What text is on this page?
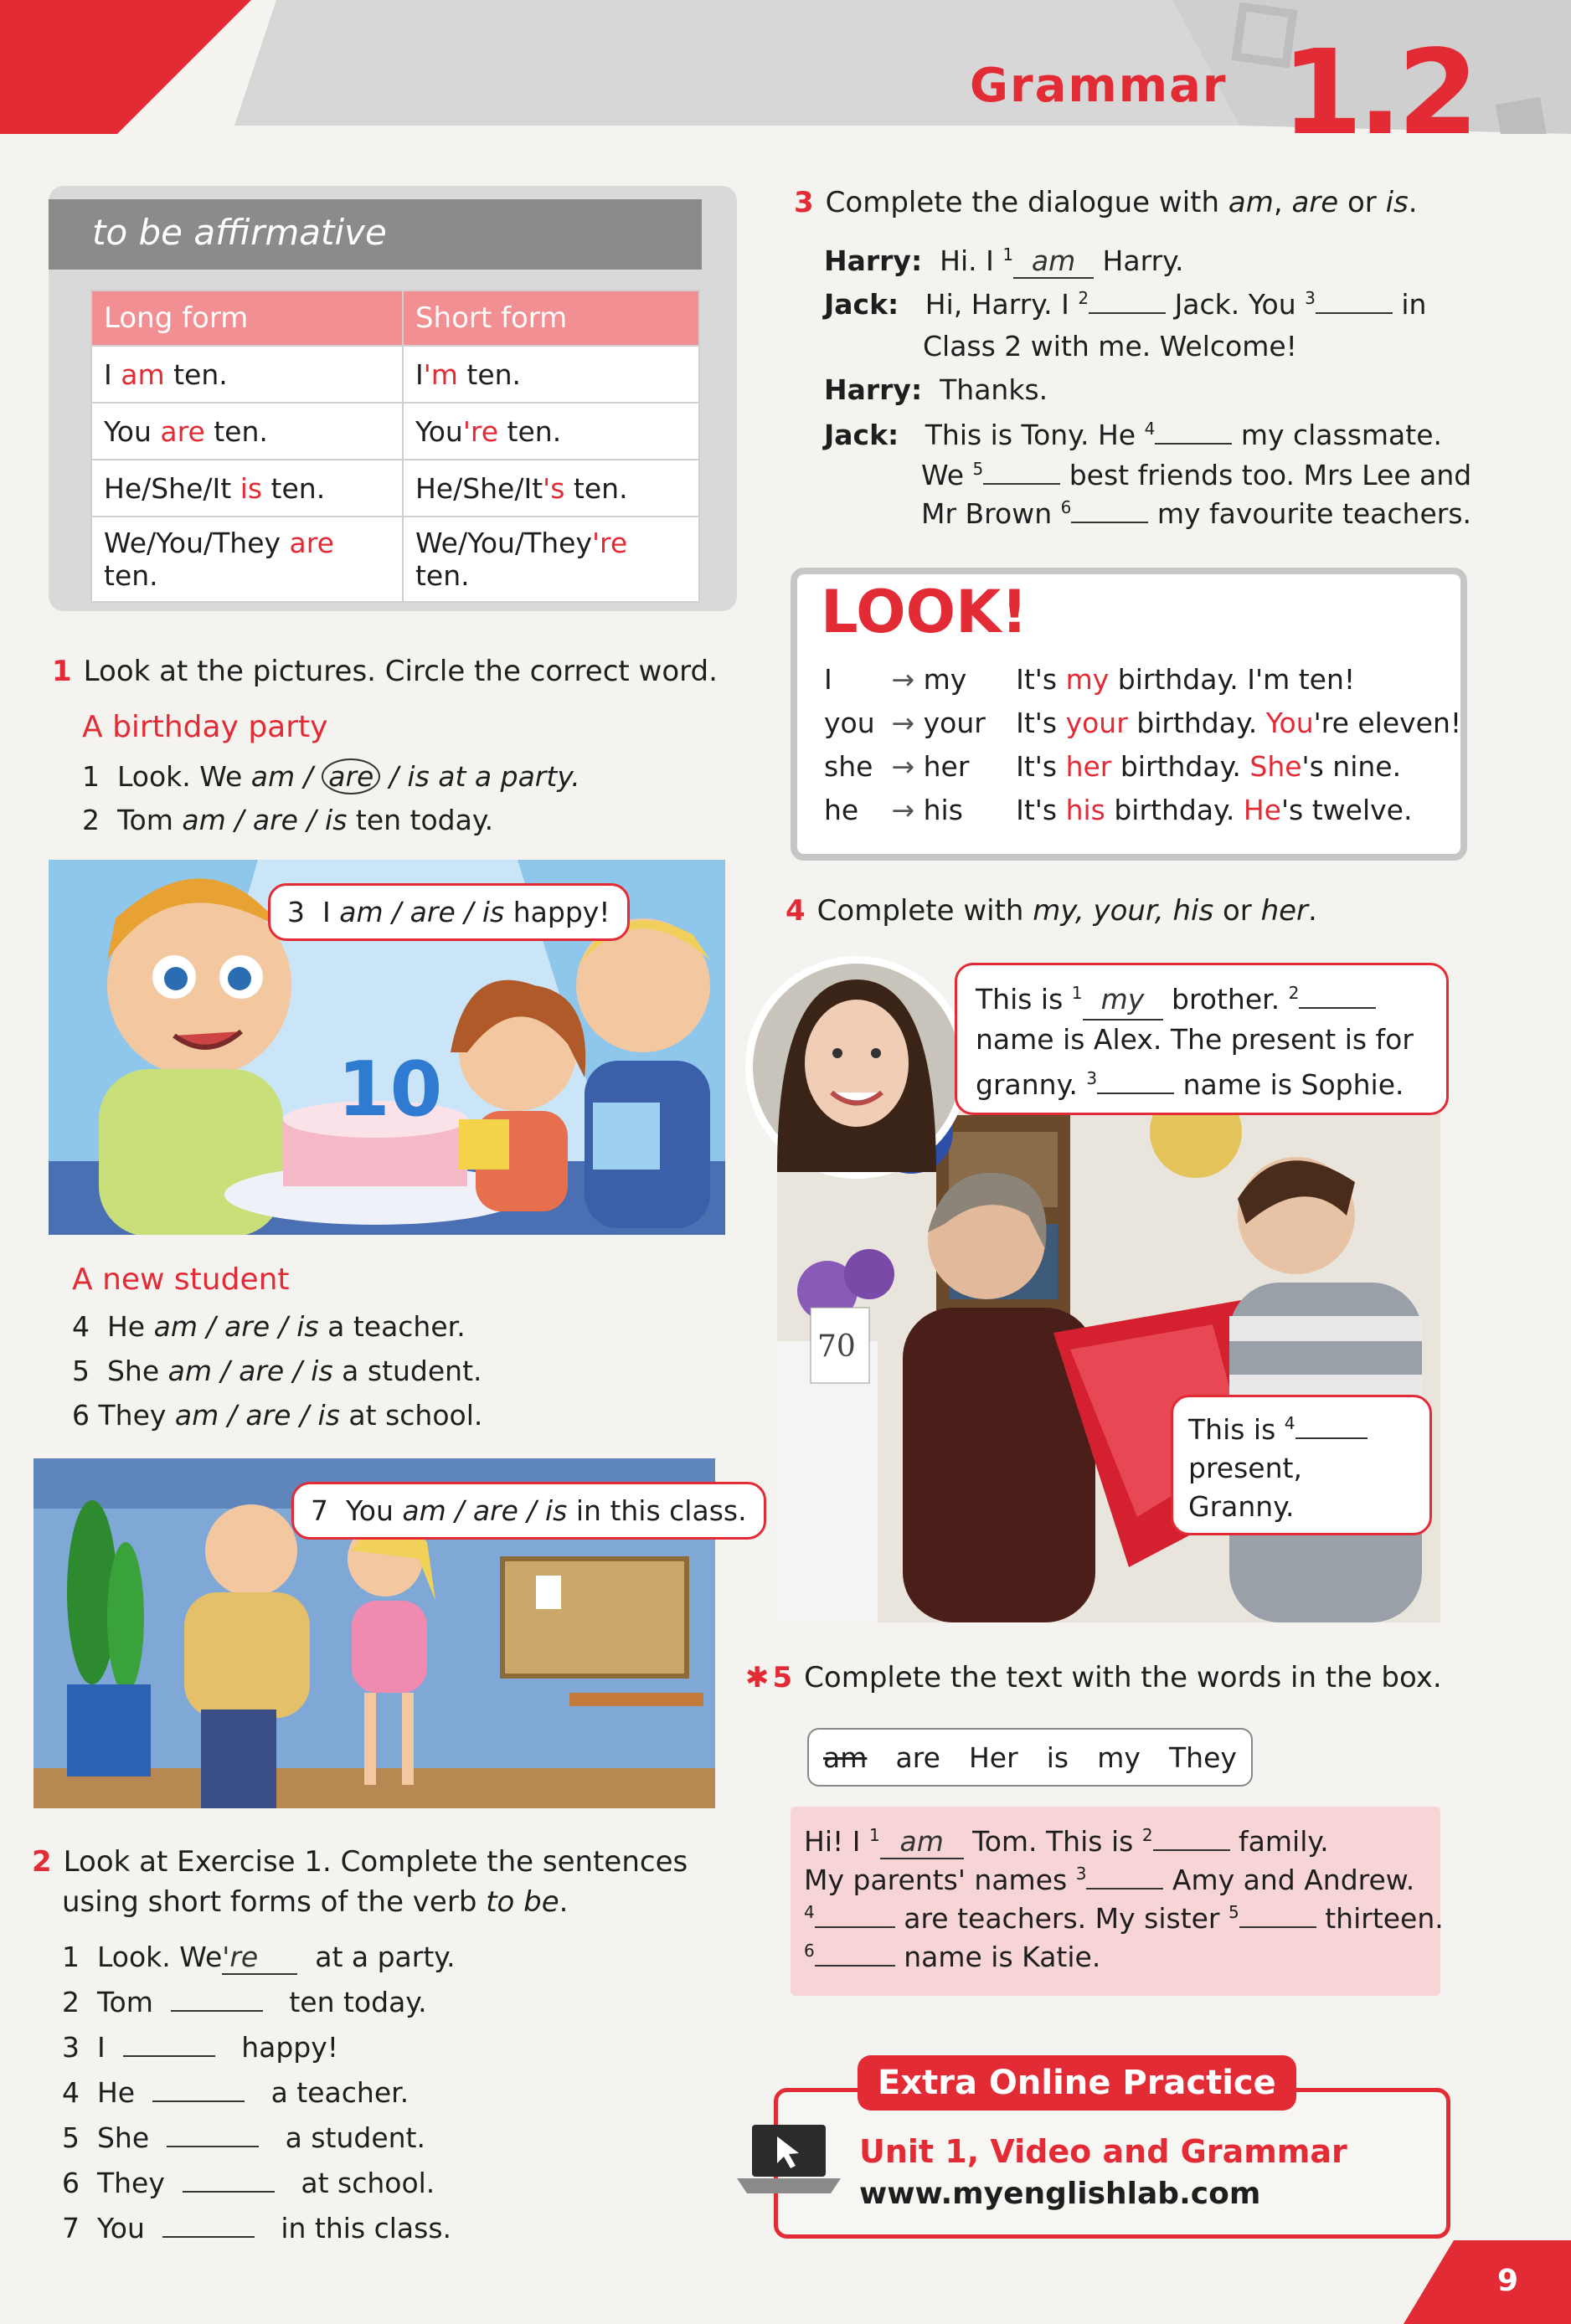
Grammar 1.2
to be affirmative
Long form	Short form
I am ten.	I'm ten.
You are ten.	You're ten.
He/She/It is ten.	He/She/It's ten.
We/You/They are ten.	We/You/They're ten.
1 Look at the pictures. Circle the correct word.
A birthday party
1 Look. We am / are / is at a party.
2 Tom am / are / is ten today.
10
3 I am / are / is happy!
A new student
4 He am / are / is a teacher.
5 She am / are / is a student.
6 They am / are / is at school.
7 You am / are / is in this class.
2 Look at Exercise 1. Complete the sentences
using short forms of the verb to be.
1 Look. We're at a party.
2 Tom	ten today.
3 I	happy!
4 He	a teacher.
5 She	a student.
6 They	at school.
7 You	in this class.
3 Complete the dialogue with am, are or is.
Harry: Hi. I $^1$ am Harry.
Jack: Hi, Harry. I $^2$	Jack. You $^3$	in
Class 2 with me. Welcome!
Harry: Thanks.
Jack: This is Tony. He $^4$	my classmate.
We $^5$	best friends too. Mrs Lee and
Mr Brown $^6$	my favourite teachers.
LOOK!
I → my It's my birthday. I'm ten!
you → your It's your birthday. You're eleven!
she → her It's her birthday. She's nine.
he → his It's his birthday. He's twelve.
4 Complete with my, your, his or her.
70
This is $^1$ my brother. $^2$
name is Alex. The present is for
granny. $^3$	name is Sophie.
This is $^4$
present, Granny.
✱ 5 Complete the text with the words in the box.
am are Her is my They
Hi! I $^1$ am Tom. This is $^2$	family.
My parents' names $^3$	Amy and Andrew.
$^4$	are teachers. My sister $^5$	thirteen.
$^6$	name is Katie.
Extra Online Practice
Unit 1, Video and Grammar
www.myenglishlab.com
9
